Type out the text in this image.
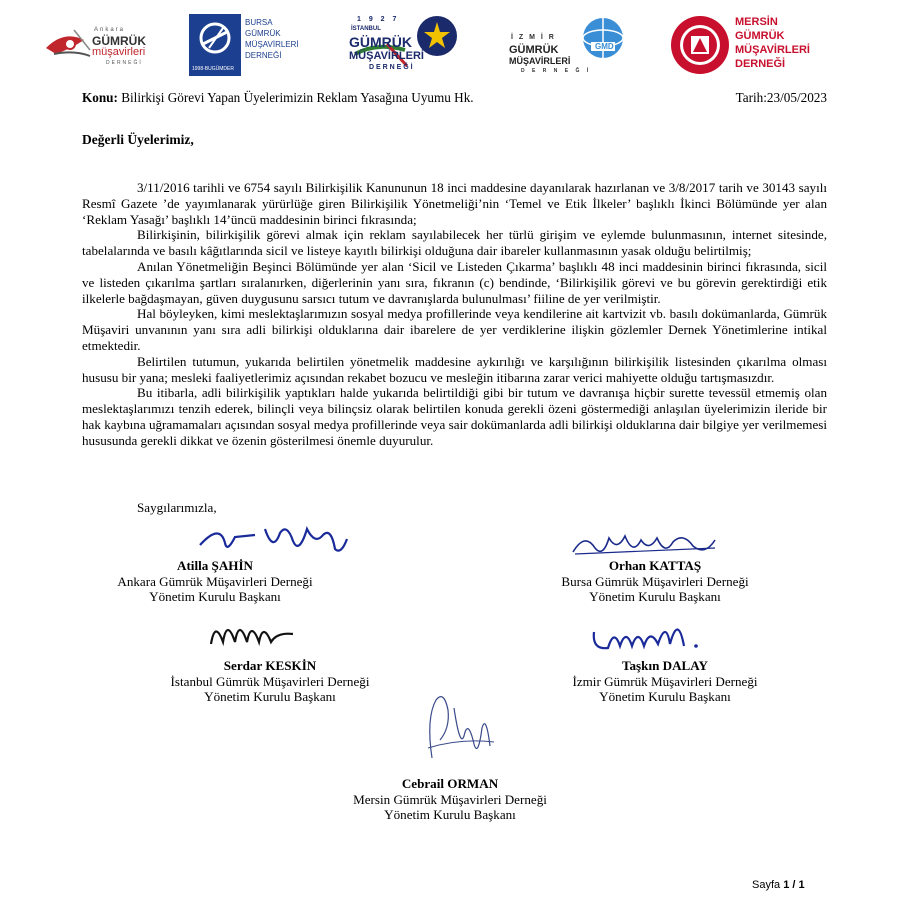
Ankara
GÜMRÜK
müşavirleri
DERNEĞİ
1998-BUGÜMDER
BURSA
GÜMRÜK
MÜŞAVİRLERİ
DERNEĞİ
1 9 2 7
İSTANBUL
GÜMRÜK
MÜŞAVİRLERİ
D E R N E Ğ İ
GMD
İ Z M İ R
GÜMRÜK
MÜŞAVİRLERİ
D E R N E Ğ İ
MERSİN
GÜMRÜK
MÜŞAVİRLERİ
DERNEĞİ
Konu: Bilirkişi Görevi Yapan Üyelerimizin Reklam Yasağına Uyumu Hk.	Tarih:23/05/2023
Değerli Üyelerimiz,

3/11/2016 tarihli ve 6754 sayılı Bilirkişilik Kanununun 18 inci maddesine dayanılarak hazırlanan ve 3/8/2017 tarih ve 30143 sayılı Resmî Gazete ’de yayımlanarak yürürlüğe giren Bilirkişilik Yönetmeliği’nin ‘Temel ve Etik İlkeler’ başlıklı İkinci Bölümünde yer alan ‘Reklam Yasağı’ başlıklı 14’üncü maddesinin birinci fıkrasında;

Bilirkişinin, bilirkişilik görevi almak için reklam sayılabilecek her türlü girişim ve eylemde bulunmasının, internet sitesinde, tabelalarında ve basılı kâğıtlarında sicil ve listeye kayıtlı bilirkişi olduğuna dair ibareler kullanmasının yasak olduğu belirtilmiş;

Anılan Yönetmeliğin Beşinci Bölümünde yer alan ‘Sicil ve Listeden Çıkarma’ başlıklı 48 inci maddesinin birinci fıkrasında, sicil ve listeden çıkarılma şartları sıralanırken, diğerlerinin yanı sıra, fıkranın (c) bendinde, ‘Bilirkişilik görevi ve bu görevin gerektirdiği etik ilkelerle bağdaşmayan, güven duygusunu sarsıcı tutum ve davranışlarda bulunulması’ fiiline de yer verilmiştir.

Hal böyleyken, kimi meslektaşlarımızın sosyal medya profillerinde veya kendilerine ait kartvizit vb. basılı dokümanlarda, Gümrük Müşaviri unvanının yanı sıra adli bilirkişi olduklarına dair ibarelere de yer verdiklerine ilişkin gözlemler Dernek Yönetimlerine intikal etmektedir.

Belirtilen tutumun, yukarıda belirtilen yönetmelik maddesine aykırılığı ve karşılığının bilirkişilik listesinden çıkarılma olması hususu bir yana; mesleki faaliyetlerimiz açısından rekabet bozucu ve mesleğin itibarına zarar verici mahiyette olduğu tartışmasızdır.

Bu itibarla, adli bilirkişilik yaptıkları halde yukarıda belirtildiği gibi bir tutum ve davranışa hiçbir surette tevessül etmemiş olan meslektaşlarımızı tenzih ederek, bilinçli veya bilinçsiz olarak belirtilen konuda gerekli özeni göstermediği anlaşılan üyelerimizin ileride bir hak kaybına uğramamaları açısından sosyal medya profillerinde veya sair dokümanlarda adli bilirkişi olduklarına dair bilgiye yer verilmemesi hususunda gerekli dikkat ve özenin gösterilmesi önemle duyurulur.

Saygılarımızla,
Atilla ŞAHİN
Ankara Gümrük Müşavirleri Derneği
Yönetim Kurulu Başkanı
Orhan KATTAŞ
Bursa Gümrük Müşavirleri Derneği
Yönetim Kurulu Başkanı
Serdar KESKİN
İstanbul Gümrük Müşavirleri Derneği
Yönetim Kurulu Başkanı
Taşkın DALAY
İzmir Gümrük Müşavirleri Derneği
Yönetim Kurulu Başkanı
Cebrail ORMAN
Mersin Gümrük Müşavirleri Derneği
Yönetim Kurulu Başkanı
Sayfa 1 / 1
